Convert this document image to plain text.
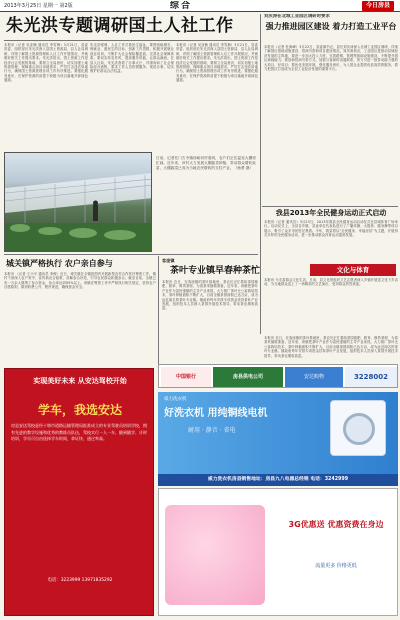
2013年3月25日 星期一 第2版	综合	今日房县
朱光洪专题调研国土人社工作
本报讯（记者 吴亚楠 通讯员 李雪梅）3月21日，县委常委、组织部长朱光洪深入县国土资源局、县人社局调研，详细了解国土资源管理和人社工作开展情况，并就做好相关工作提出要求。朱光洪指出，国土资源工作是经济社会发展的基础，要树立全局意识，切实加强土地资源管理，保障重点项目用地需求，严厉打击违法用地行为，确保国土资源管理各项工作有序推进。要强化服务意识，在保护资源的前提下积极为项目落地开辟绿色通道。
朱光洪强调，人社工作关系民生福祉，要围绕稳增长、保就业、惠民生的目标，创新工作思路，积极开展就业创业培训，不断扩大社会保险覆盖面，完善社会保障体系。要切实转变作风，提高服务效能，让群众满意。在县人社局，朱光洪查看了办事大厅，详细询问了社会保险经办流程，要求工作人员热情服务、规范办事，切实维护好群众合法权益。
本报讯（记者 吴亚楠 通讯员 李雪梅）3月21日，县委常委、组织部长朱光洪深入县国土资源局、县人社局调研，详细了解国土资源管理和人社工作开展情况，并就做好相关工作提出要求。朱光洪指出，国土资源工作是经济社会发展的基础，要树立全局意识，切实加强土地资源管理，保障重点项目用地需求，严厉打击违法用地行为，确保国土资源管理各项工作有序推进。要强化服务意识，在保护资源的前提下积极为项目落地开辟绿色通道。
日前，记者在门古寺镇西峪河村看到，农户们正在温室大棚里忙碌。近年来，该村大力发展大棚蔬菜种植，带动群众增收致富，大棚蔬菜已成为当地农民增收的支柱产业。（杨勇 摄）
刘庆涛在北城工业园区调研时要求
强力推进园区建设 着力打造工业平台
本报讯（记者 杜海峰）3月22日，县委副书记、县长刘庆涛深入北城工业园区调研，详细了解园区基础设施建设、招商引资和项目建设情况。刘庆涛指出，工业园区是推动县域经济发展的主阵地，要进一步加大投入力度，完善路网、管网等基础设施建设，不断提升园区承载能力；要创新招商引资方式，加强与客商的沟通联系，努力引进一批带动能力强的大项目、好项目；要优化发展环境，强化服务意识，为入园企业提供优质高效的服务，着力把园区打造成为全县工业经济发展的重要平台。
我县2013年全民健身运动正式启动
本报讯（记者 通讯员）3月23日，2013年我县全民健身运动启动仪式在县城体育广场举行。启动仪式上，全县各乡镇、县直单位代表队进行了广播体操、太极拳、健身舞等项目展示，吸引了众多市民驻足观看。今年，我县将以“全民健身、幸福房县”为主题，开展形式多样的全民健身活动，进一步推动群众体育运动蓬勃发展。
文化与体育
本报讯 为丰富群众文化生活，日前，县文化馆组织文艺志愿者深入乡镇开展送文化下乡活动，为当地群众送上了一场精彩的文艺演出，受到群众热烈欢迎。
城关镇严格执行 农户亲自参与
本报讯 （记者 王小平 通讯员 李俊）近日，城关镇在全镇范围内开展新型农村合作医疗筹资工作，镇村干部深入农户家中，宣传新农合政策，讲解参合好处，引导农民群众积极参合。截至目前，全镇已有一万余人缴纳了参合资金，参合率达到95%以上。该镇在筹资工作中严格执行相关规定，坚持农户自愿原则，做到收费公开、程序规范，确保资金安全。
客座镇
茶叶专业镇早春种茶忙
本报讯 近日，在客座镇的茶叶基地里，茶农们正忙着给茶园施肥、除草、修剪茶树，为春茶采摘做准备。近年来，该镇把茶叶产业作为富民强镇的主导产业来抓，大力推广茶叶无公害栽培技术，茶叶种植面积不断扩大，目前全镇茶园面积已达万亩，成为远近闻名的茶叶专业镇。镇政府每年安排专项资金扶持茶叶产业发展，组织技术人员深入茶园开展技术指导，带动茶农增收致富。
本报讯 近日，在客座镇的茶叶基地里，茶农们正忙着给茶园施肥、除草、修剪茶树，为春茶采摘做准备。近年来，该镇把茶叶产业作为富民强镇的主导产业来抓，大力推广茶叶无公害栽培技术，茶叶种植面积不断扩大，目前全镇茶园面积已达万亩，成为远近闻名的茶叶专业镇。镇政府每年安排专项资金扶持茶叶产业发展，组织技术人员深入茶园开展技术指导，带动茶农增收致富。
中国银行	房县供电公司	安达购物	3228002
实现美好未来 从安达驾校开始
学车，我选安达
房县安达驾校是经十堰市道路运输管理局批准成立的专业驾驶员培训学校，拥有先进的教学设施和优秀的教练员队伍，驾校实行一人一车、随到随学、计时培训，学员可自由选择学车时间，拿证快、通过率高。
电话：3223999 13971835292
威力洗衣机
好洗衣机 用纯铜线电机
耐用 · 静音 · 省电
威力洗衣机房县销售地址：房县九八电器总经销 电话：3242999
3G优惠送 优惠资费在身边
流量更多 价格更低
